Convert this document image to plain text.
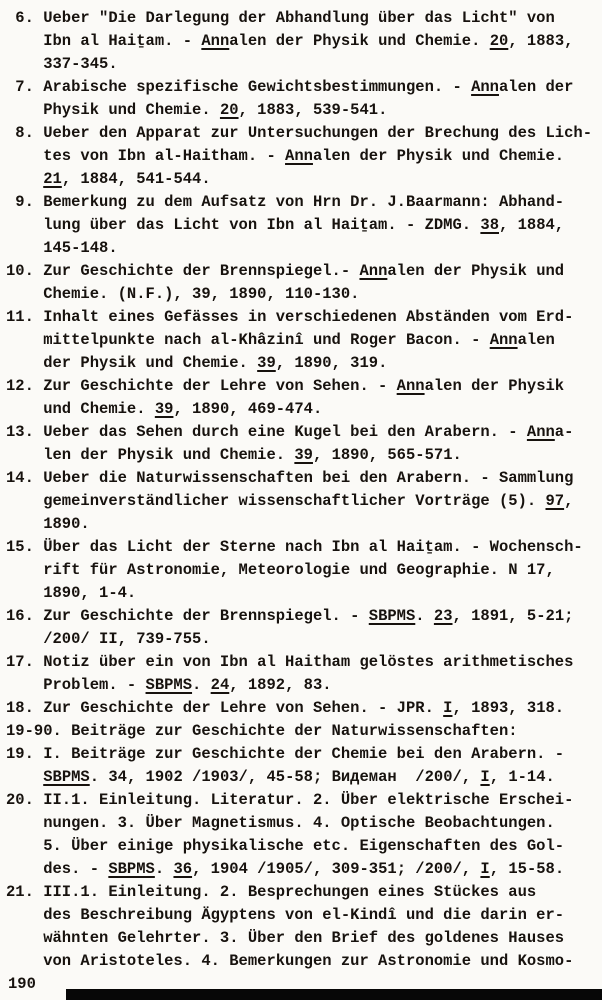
6. Ueber "Die Darlegung der Abhandlung über das Licht" von
Ibn al Haiṯam. - Annalen der Physik und Chemie. 20, 1883,
337-345.
7. Arabische spezifische Gewichtsbestimmungen. - Annalen der
Physik und Chemie. 20, 1883, 539-541.
8. Ueber den Apparat zur Untersuchungen der Brechung des Lich-
tes von Ibn al-Haitham. - Annalen der Physik und Chemie.
21, 1884, 541-544.
9. Bemerkung zu dem Aufsatz von Hrn Dr. J.Baarmann: Abhand-
lung über das Licht von Ibn al Haiṯam. - ZDMG. 38, 1884,
145-148.
10. Zur Geschichte der Brennspiegel.- Annalen der Physik und
Chemie. (N.F.), 39, 1890, 110-130.
11. Inhalt eines Gefässes in verschiedenen Abständen vom Erd-
mittelpunkte nach al-Khâzinî und Roger Bacon. - Annalen
der Physik und Chemie. 39, 1890, 319.
12. Zur Geschichte der Lehre von Sehen. - Annalen der Physik
und Chemie. 39, 1890, 469-474.
13. Ueber das Sehen durch eine Kugel bei den Arabern. - Anna-
len der Physik und Chemie. 39, 1890, 565-571.
14. Ueber die Naturwissenschaften bei den Arabern. - Sammlung
gemeinverständlicher wissenschaftlicher Vorträge (5). 97,
1890.
15. Über das Licht der Sterne nach Ibn al Haiṯam. - Wochensch-
rift für Astronomie, Meteorologie und Geographie. N 17,
1890, 1-4.
16. Zur Geschichte der Brennspiegel. - SBPMS. 23, 1891, 5-21;
/200/ II, 739-755.
17. Notiz über ein von Ibn al Haitham gelöstes arithmetisches
Problem. - SBPMS. 24, 1892, 83.
18. Zur Geschichte der Lehre von Sehen. - JPR. I, 1893, 318.
19-90. Beiträge zur Geschichte der Naturwissenschaften:
19. I. Beiträge zur Geschichte der Chemie bei den Arabern. -
SBPMS. 34, 1902 /1903/, 45-58; Видеман  /200/, I, 1-14.
20. II.1. Einleitung. Literatur. 2. Über elektrische Erschei-
nungen. 3. Über Magnetismus. 4. Optische Beobachtungen.
5. Über einige physikalische etc. Eigenschaften des Gol-
des. - SBPMS. 36, 1904 /1905/, 309-351; /200/, I, 15-58.
21. III.1. Einleitung. 2. Besprechungen eines Stückes aus
des Beschreibung Ägyptens von el-Kindî und die darin er-
wähnten Gelehrter. 3. Über den Brief des goldenes Hauses
von Aristoteles. 4. Bemerkungen zur Astronomie und Kosmo-
190
